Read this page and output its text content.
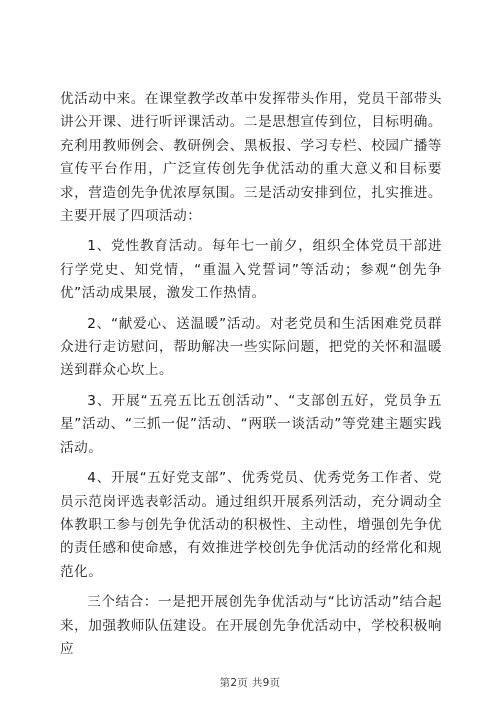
优活动中来。在课堂教学改革中发挥带头作用，党员干部带头讲公开课、进行听评课活动。二是思想宣传到位，目标明确。充利用教师例会、教研例会、黑板报、学习专栏、校园广播等宣传平台作用，广泛宣传创先争优活动的重大意义和目标要求，营造创先争优浓厚氛围。三是活动安排到位，扎实推进。主要开展了四项活动：

1、党性教育活动。每年七一前夕，组织全体党员干部进行学党史、知党情，“重温入党誓词”等活动；参观“创先争优”活动成果展，激发工作热情。

2、“献爱心、送温暖”活动。对老党员和生活困难党员群众进行走访慰问，帮助解决一些实际问题，把党的关怀和温暖送到群众心坎上。

3、开展“五亮五比五创活动”、“支部创五好，党员争五星”活动、“三抓一促”活动、“两联一谈活动”等党建主题实践活动。

4、开展“五好党支部”、优秀党员、优秀党务工作者、党员示范岗评选表彰活动。通过组织开展系列活动，充分调动全体教职工参与创先争优活动的积极性、主动性，增强创先争优的责任感和使命感，有效推进学校创先争优活动的经常化和规范化。

三个结合：一是把开展创先争优活动与“比访活动”结合起来，加强教师队伍建设。在开展创先争优活动中，学校积极响应

第2页 共9页
